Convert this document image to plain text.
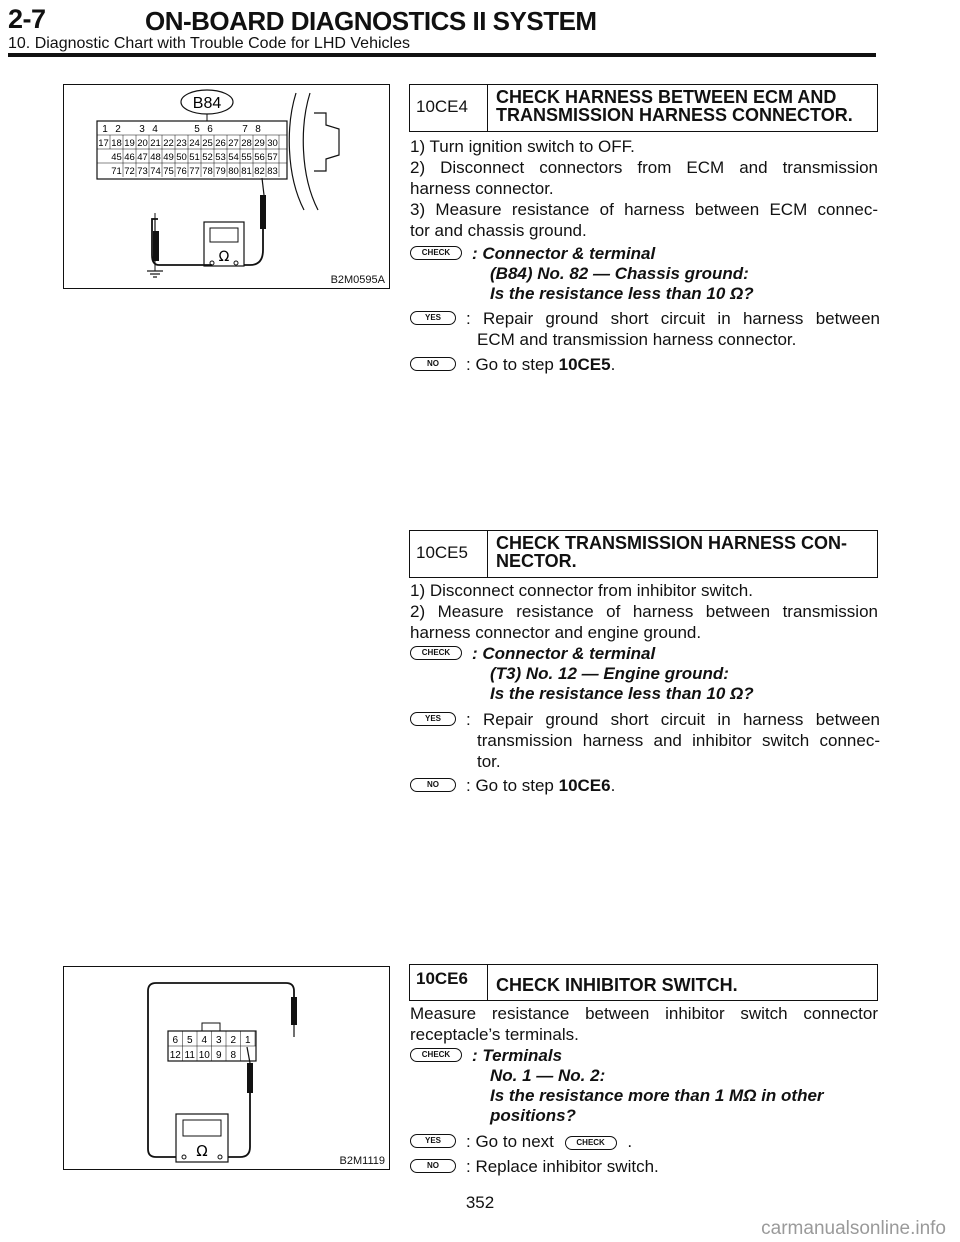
2-7	ON-BOARD DIAGNOSTICS II SYSTEM
10. Diagnostic Chart with Trouble Code for LHD Vehicles
B84
1 2 3 4	5 6	7 8
17 18 19 20 21 22 23 24 25 26 27 28 29 30
45 46 47 48 49 50 51 52 53 54 55 56 57
71 72 73 74 75 76 77 78 79 80 81 82 83
Ω
B2M0595A
6 5 4 3 2 1
12 11 10 9 8
Ω
B2M1119
10CE4	CHECK HARNESS BETWEEN ECM AND
TRANSMISSION HARNESS CONNECTOR.
1) Turn ignition switch to OFF.
2) Disconnect connectors from ECM and transmission
harness connector.
3) Measure resistance of harness between ECM connec-
tor and chassis ground.
CHECK	: Connector & terminal
(B84) No. 82 — Chassis ground:
Is the resistance less than 10 Ω?
YES	: Repair ground short circuit in harness between
ECM and transmission harness connector.
NO	: Go to step 10CE5.
10CE5	CHECK TRANSMISSION HARNESS CON-
NECTOR.
1) Disconnect connector from inhibitor switch.
2) Measure resistance of harness between transmission
harness connector and engine ground.
CHECK	: Connector & terminal
(T3) No. 12 — Engine ground:
Is the resistance less than 10 Ω?
YES	: Repair ground short circuit in harness between
transmission harness and inhibitor switch connec-
tor.
NO	: Go to step 10CE6.
10CE6	CHECK INHIBITOR SWITCH.
Measure resistance between inhibitor switch connector
receptacle’s terminals.
CHECK	: Terminals
No. 1 — No. 2:
Is the resistance more than 1 MΩ in other
positions?
YES	: Go to next	CHECK .
NO	: Replace inhibitor switch.
352
carmanualsonline.info
